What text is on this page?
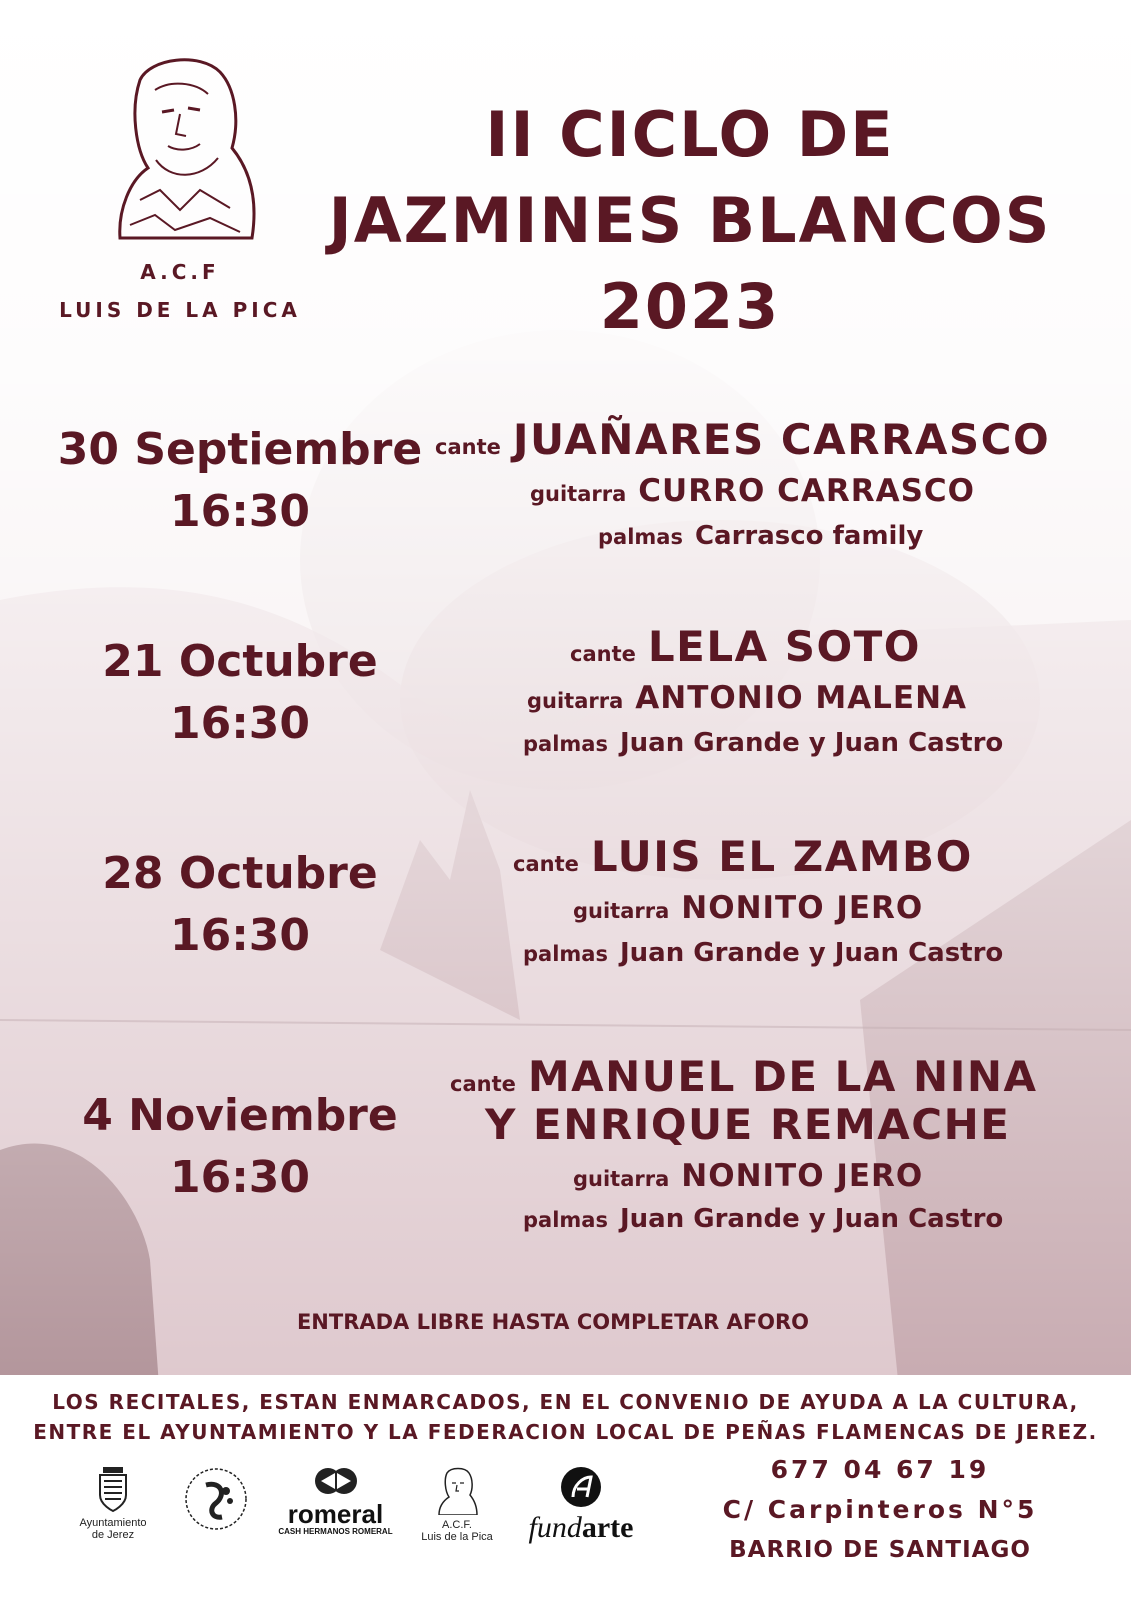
A.C.F
LUIS DE LA PICA
II CICLO DE
JAZMINES BLANCOS
2023
30 Septiembre
16:30
cante JUAÑARES CARRASCO
guitarra CURRO CARRASCO
palmas Carrasco family
21 Octubre
16:30
cante LELA SOTO
guitarra ANTONIO MALENA
palmas Juan Grande y Juan Castro
28 Octubre
16:30
cante LUIS EL ZAMBO
guitarra NONITO JERO
palmas Juan Grande y Juan Castro
4 Noviembre
16:30
cante MANUEL DE LA NINA
Y ENRIQUE REMACHE
guitarra NONITO JERO
palmas Juan Grande y Juan Castro
ENTRADA LIBRE HASTA COMPLETAR AFORO
LOS RECITALES, ESTAN ENMARCADOS, EN EL CONVENIO DE AYUDA A LA CULTURA,
ENTRE EL AYUNTAMIENTO Y LA FEDERACION LOCAL DE PEÑAS FLAMENCAS DE JEREZ.
Ayuntamiento
de Jerez
romeral
CASH HERMANOS ROMERAL
A.C.F.
Luis de la Pica	fundarte
677 04 67 19
C/ Carpinteros N°5
BARRIO DE SANTIAGO
